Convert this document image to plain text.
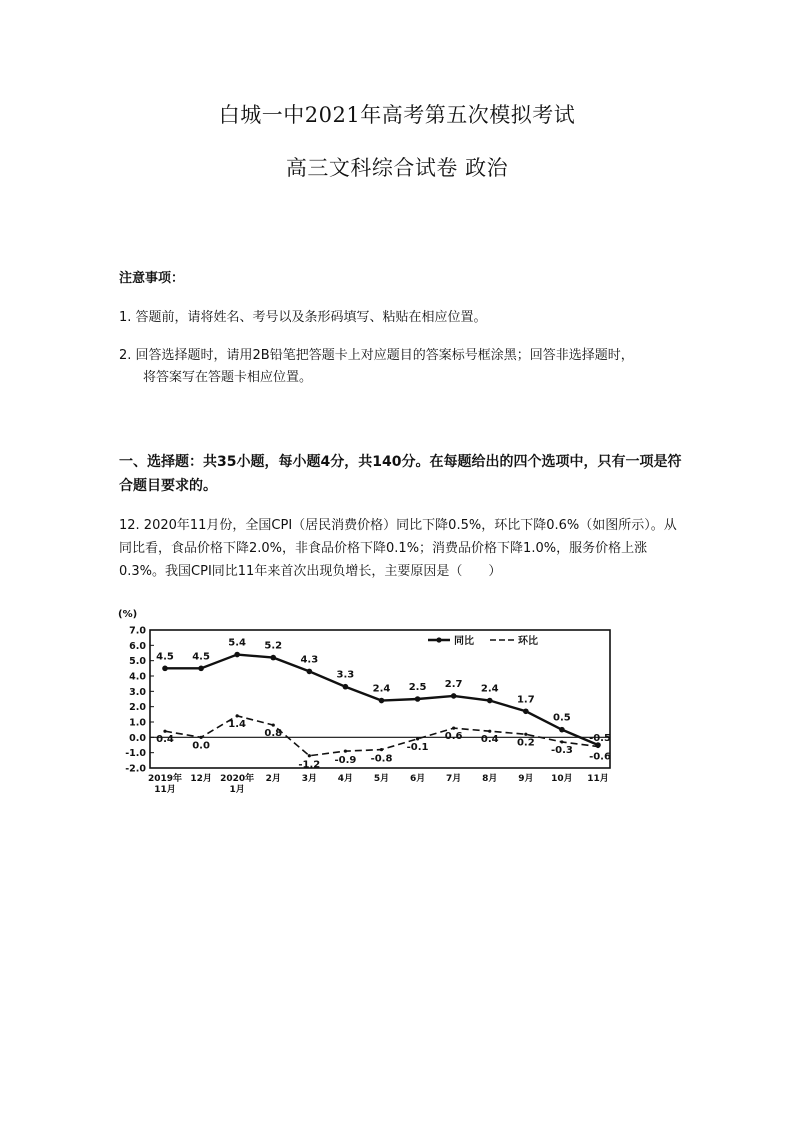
白城一中2021年高考第五次模拟考试
高三文科综合试卷 政治
注意事项：
1. 答题前，请将姓名、考号以及条形码填写、粘贴在相应位置。
2. 回答选择题时，请用2B铅笔把答题卡上对应题目的答案标号框涂黑；回答非选择题时，
将答案写在答题卡相应位置。
一、选择题：共35小题，每小题4分，共140分。在每题给出的四个选项中，只有一项是符合题目要求的。
12. 2020年11月份，全国CPI（居民消费价格）同比下降0.5%，环比下降0.6%（如图所示）。从同比看，食品价格下降2.0%，非食品价格下降0.1%；消费品价格下降1.0%，服务价格上涨0.3%。我国CPI同比11年来首次出现负增长，主要原因是（　　）
(%)
7.0
6.0
5.0
4.0
3.0
2.0
1.0
0.0
-1.0
-2.0
2019年
11月
12月 2020年
1月
2月 3月 4月 5月 6月 7月 8月 9月 10月 11月
4.5 4.5
5.4 5.2
4.3
3.3
2.4 2.5 2.7 2.4
1.7
0.5
-0.5
0.4
0.0
1.4
0.8
-1.2 -0.9 -0.8
-0.1
0.6 0.4 0.2
-0.3
-0.6
同比	环比
